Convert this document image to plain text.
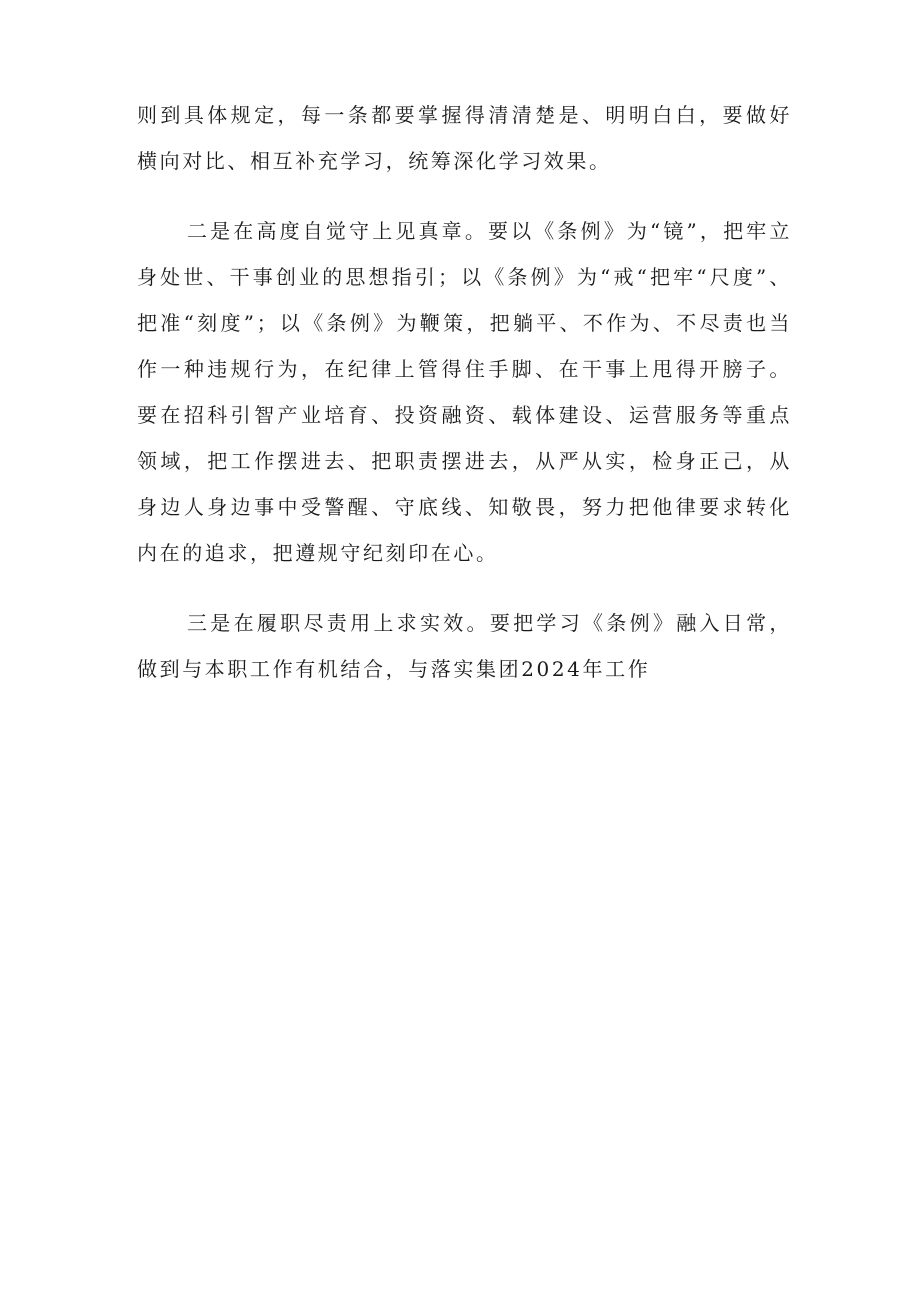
则到具体规定，每一条都要掌握得清清楚是、明明白白，要做好横向对比、相互补充学习，统筹深化学习效果。

二是在高度自觉守上见真章。要以《条例》为“镜”，把牢立身处世、干事创业的思想指引；以《条例》为“戒“把牢“尺度”、把准“刻度”；以《条例》为鞭策，把躺平、不作为、不尽责也当作一种违规行为，在纪律上管得住手脚、在干事上甩得开膀子。要在招科引智产业培育、投资融资、载体建设、运营服务等重点领域，把工作摆进去、把职责摆进去，从严从实，检身正己，从身边人身边事中受警醒、守底线、知敬畏，努力把他律要求转化内在的追求，把遵规守纪刻印在心。

三是在履职尽责用上求实效。要把学习《条例》融入日常，做到与本职工作有机结合，与落实集团2024年工作
